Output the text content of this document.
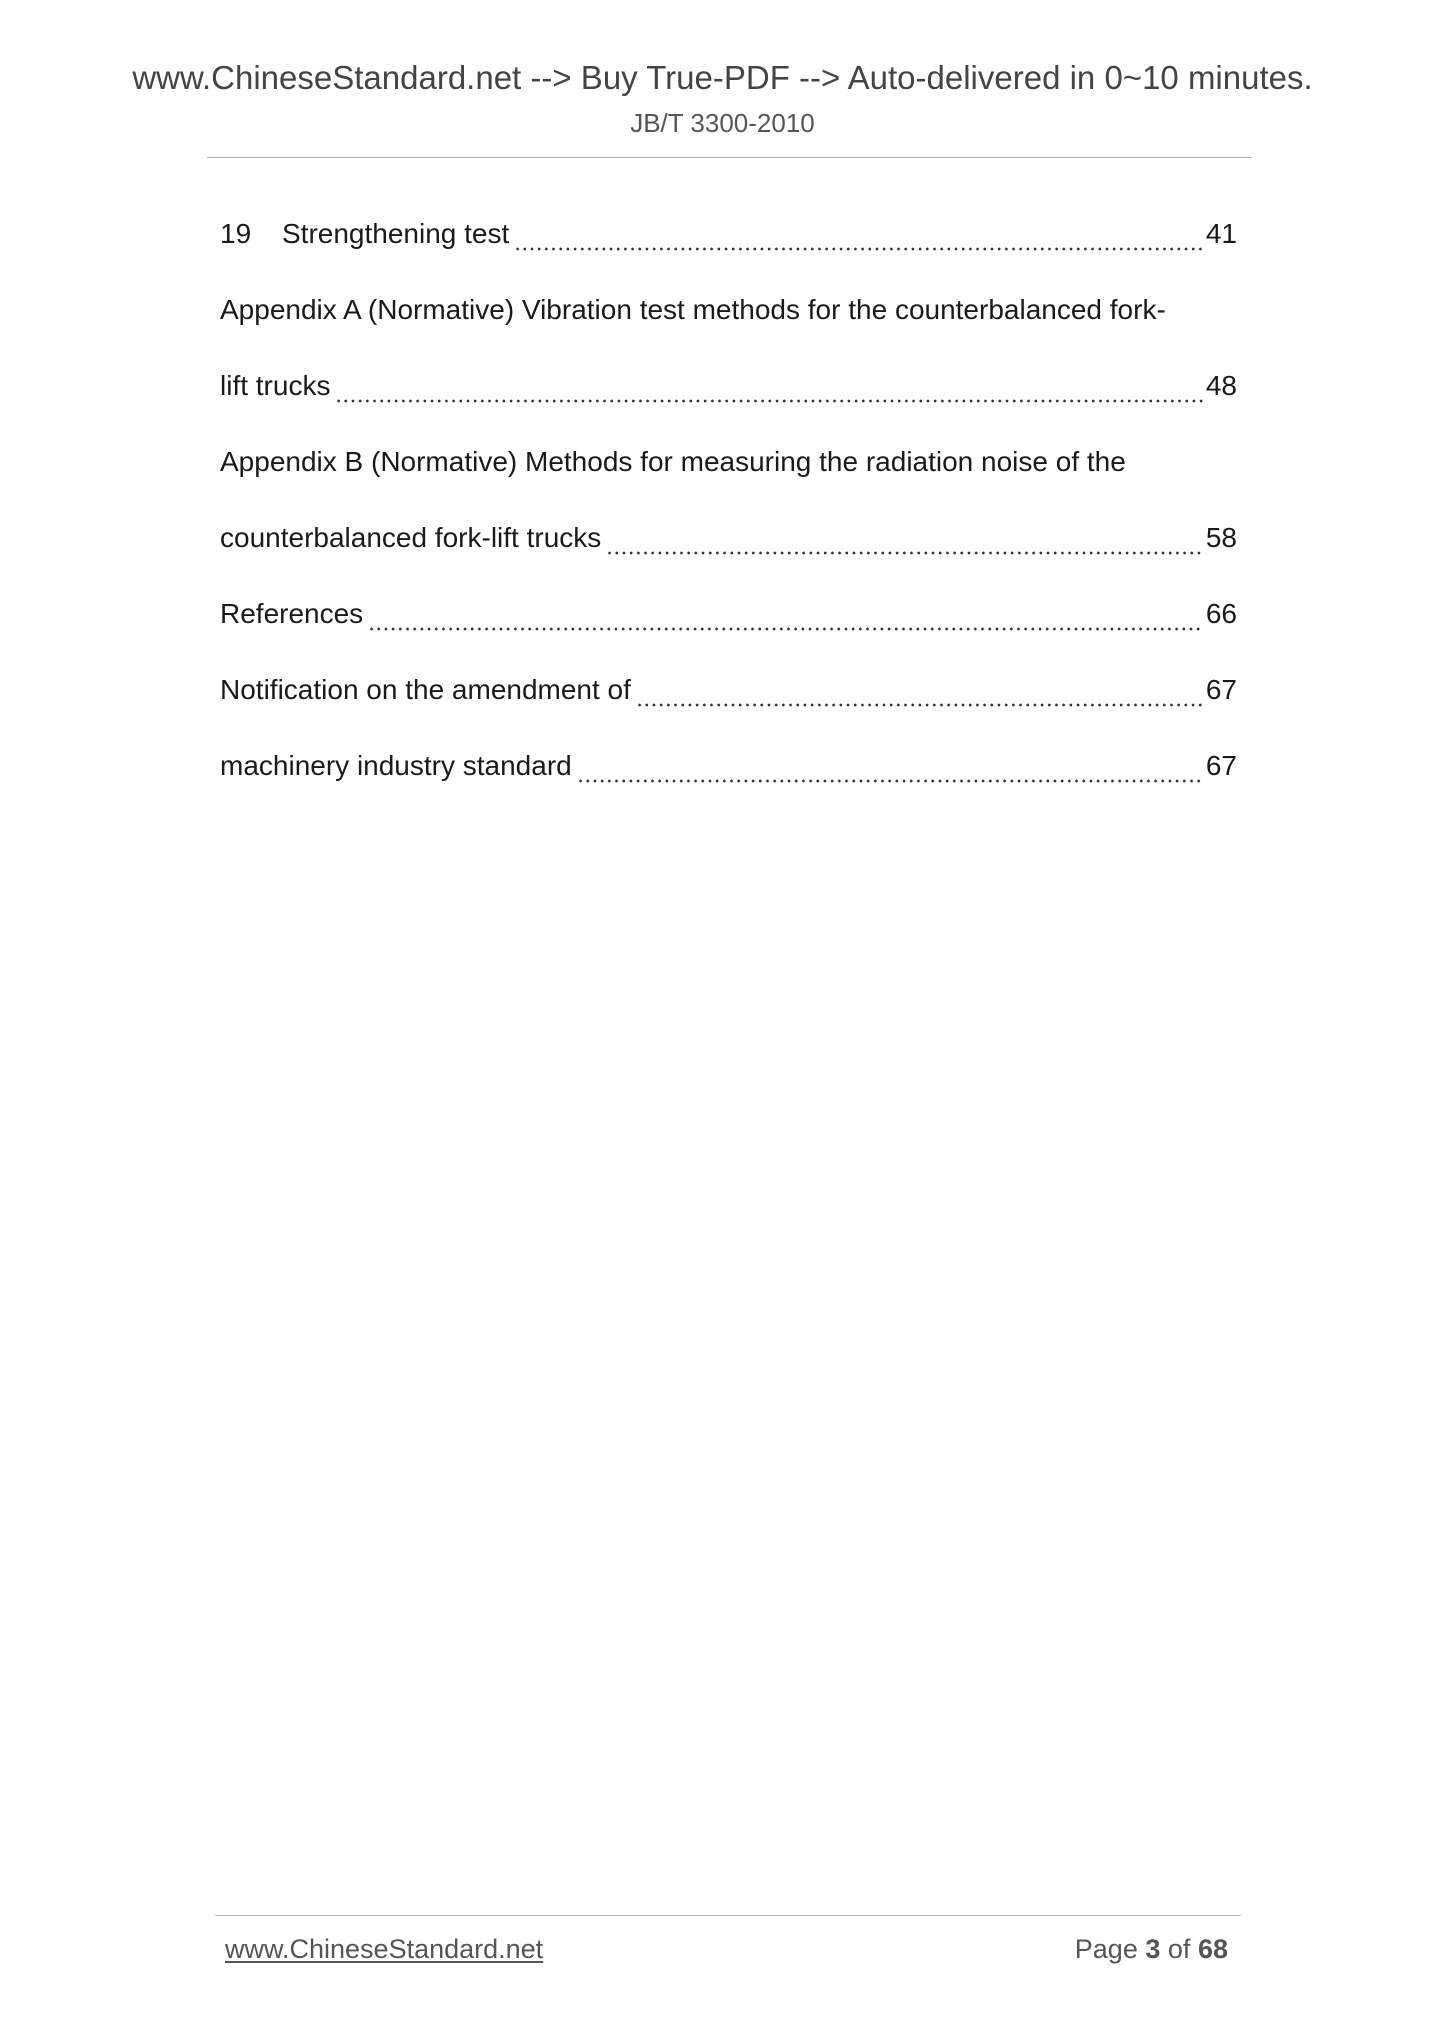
www.ChineseStandard.net --> Buy True-PDF --> Auto-delivered in 0~10 minutes.
JB/T 3300-2010
19	Strengthening test	41
Appendix A (Normative) Vibration test methods for the counterbalanced fork-
lift trucks	48
Appendix B (Normative) Methods for measuring the radiation noise of the
counterbalanced fork-lift trucks	58
References	66
Notification on the amendment of	67
machinery industry standard	67
www.ChineseStandard.net	Page 3 of 68
